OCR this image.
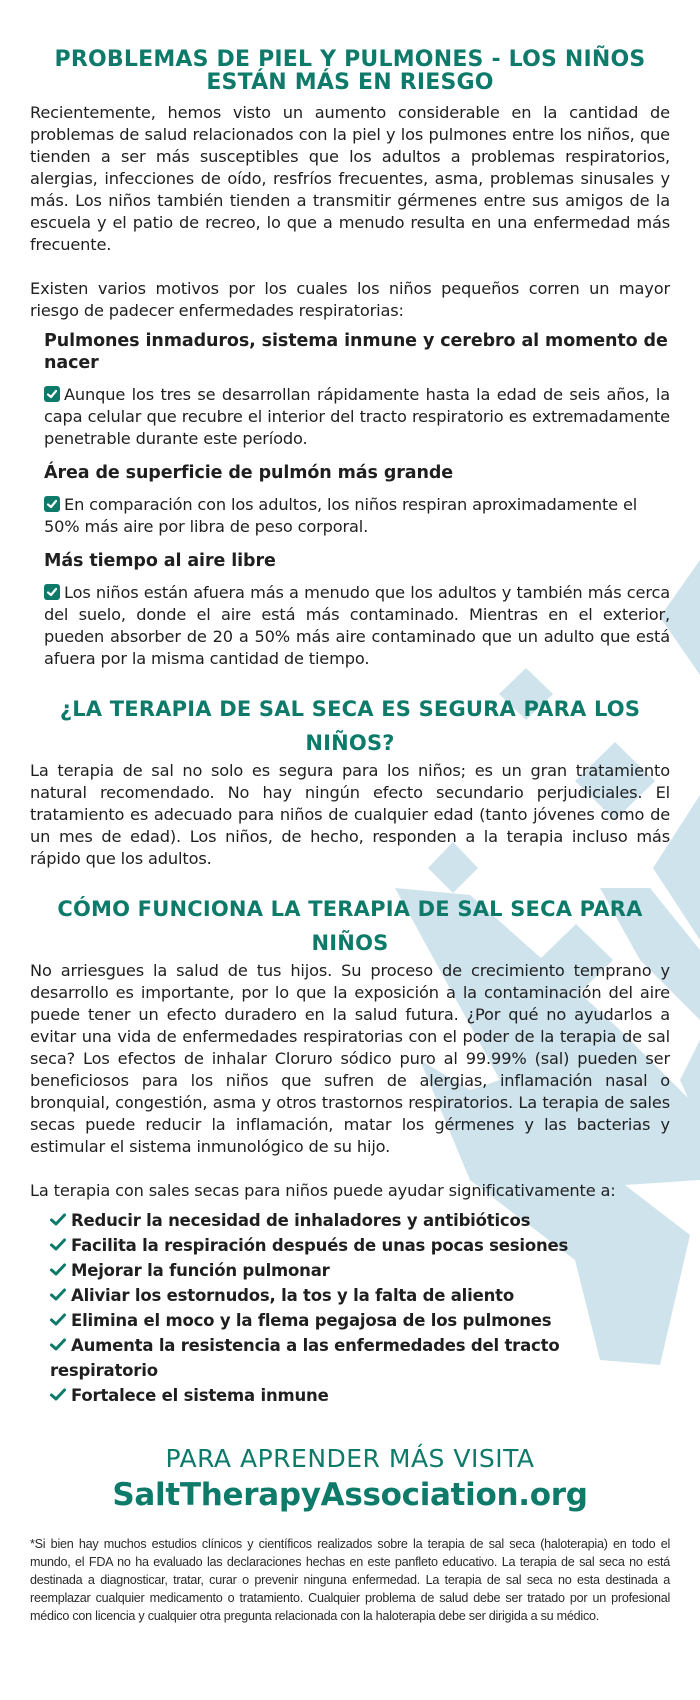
PROBLEMAS DE PIEL Y PULMONES - LOS NIÑOS ESTÁN MÁS EN RIESGO

Recientemente, hemos visto un aumento considerable en la cantidad de problemas de salud relacionados con la piel y los pulmones entre los niños, que tienden a ser más susceptibles que los adultos a problemas respiratorios, alergias, infecciones de oído, resfríos frecuentes, asma, problemas sinusales y más. Los niños también tienden a transmitir gérmenes entre sus amigos de la escuela y el patio de recreo, lo que a menudo resulta en una enfermedad más frecuente.

Existen varios motivos por los cuales los niños pequeños corren un mayor riesgo de padecer enfermedades respiratorias:

Pulmones inmaduros, sistema inmune y cerebro al momento de nacer

Aunque los tres se desarrollan rápidamente hasta la edad de seis años, la capa celular que recubre el interior del tracto respiratorio es extremadamente penetrable durante este período.

Área de superficie de pulmón más grande

En comparación con los adultos, los niños respiran aproximadamente el 50% más aire por libra de peso corporal.

Más tiempo al aire libre

Los niños están afuera más a menudo que los adultos y también más cerca del suelo, donde el aire está más contaminado. Mientras en el exterior, pueden absorber de 20 a 50% más aire contaminado que un adulto que está afuera por la misma cantidad de tiempo.

¿LA TERAPIA DE SAL SECA ES SEGURA PARA LOS NIÑOS?

La terapia de sal no solo es segura para los niños; es un gran tratamiento natural recomendado. No hay ningún efecto secundario perjudiciales. El tratamiento es adecuado para niños de cualquier edad (tanto jóvenes como de un mes de edad). Los niños, de hecho, responden a la terapia incluso más rápido que los adultos.

CÓMO FUNCIONA LA TERAPIA DE SAL SECA PARA NIÑOS

No arriesgues la salud de tus hijos. Su proceso de crecimiento temprano y desarrollo es importante, por lo que la exposición a la contaminación del aire puede tener un efecto duradero en la salud futura. ¿Por qué no ayudarlos a evitar una vida de enfermedades respiratorias con el poder de la terapia de sal seca? Los efectos de inhalar Cloruro sódico puro al 99.99% (sal) pueden ser beneficiosos para los niños que sufren de alergias, inflamación nasal o bronquial, congestión, asma y otros trastornos respiratorios. La terapia de sales secas puede reducir la inflamación, matar los gérmenes y las bacterias y estimular el sistema inmunológico de su hijo.

La terapia con sales secas para niños puede ayudar significativamente a:

Reducir la necesidad de inhaladores y antibióticos
Facilita la respiración después de unas pocas sesiones
Mejorar la función pulmonar
Aliviar los estornudos, la tos y la falta de aliento
Elimina el moco y la flema pegajosa de los pulmones
Aumenta la resistencia a las enfermedades del tracto respiratorio
Fortalece el sistema inmune

PARA APRENDER MÁS VISITA

SaltTherapyAssociation.org

*Si bien hay muchos estudios clínicos y científicos realizados sobre la terapia de sal seca (haloterapia) en todo el mundo, el FDA no ha evaluado las declaraciones hechas en este panfleto educativo. La terapia de sal seca no está destinada a diagnosticar, tratar, curar o prevenir ninguna enfermedad. La terapia de sal seca no esta destinada a reemplazar cualquier medicamento o tratamiento. Cualquier problema de salud debe ser tratado por un profesional médico con licencia y cualquier otra pregunta relacionada con la haloterapia debe ser dirigida a su médico.
